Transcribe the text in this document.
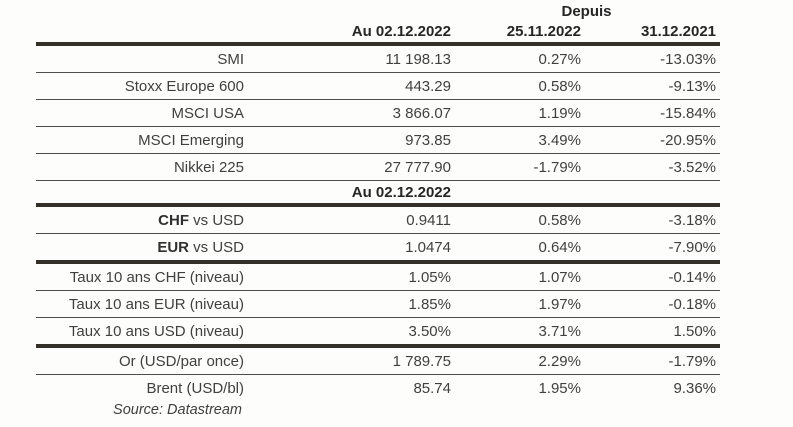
		Depuis	
	Au 02.12.2022	25.11.2022	31.12.2021
SMI	11 198.13	0.27%	-13.03%
Stoxx Europe 600	443.29	0.58%	-9.13%
MSCI USA	3 866.07	1.19%	-15.84%
MSCI Emerging	973.85	3.49%	-20.95%
Nikkei 225	27 777.90	-1.79%	-3.52%
	Au 02.12.2022		
CHF vs USD	0.9411	0.58%	-3.18%
EUR vs USD	1.0474	0.64%	-7.90%
Taux 10 ans CHF (niveau)	1.05%	1.07%	-0.14%
Taux 10 ans EUR (niveau)	1.85%	1.97%	-0.18%
Taux 10 ans USD (niveau)	3.50%	3.71%	1.50%
Or (USD/par once)	1 789.75	2.29%	-1.79%
Brent (USD/bl)	85.74	1.95%	9.36%
Source: Datastream
